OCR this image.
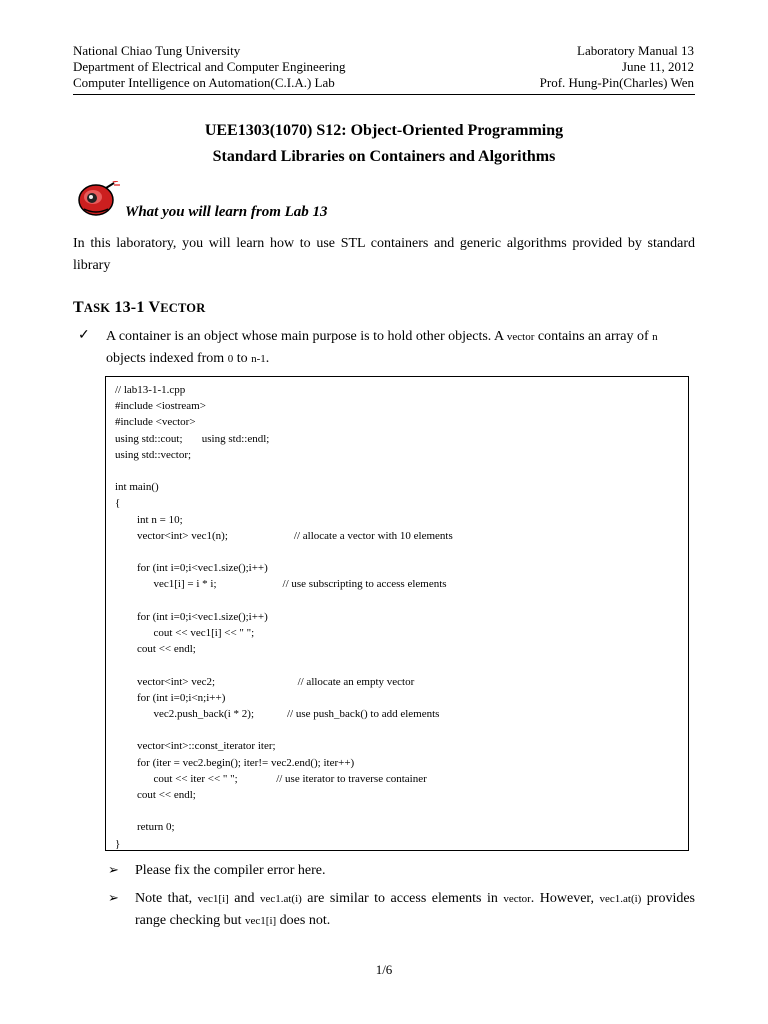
National Chiao Tung University
Department of Electrical and Computer Engineering
Computer Intelligence on Automation(C.I.A.) Lab
Laboratory Manual 13
June 11, 2012
Prof. Hung-Pin(Charles) Wen
UEE1303(1070) S12: Object-Oriented Programming
Standard Libraries on Containers and Algorithms
What you will learn from Lab 13
In this laboratory, you will learn how to use STL containers and generic algorithms provided by standard library
TASK 13-1 VECTOR
✓ A container is an object whose main purpose is to hold other objects. A vector contains an array of n objects indexed from 0 to n-1.
// lab13-1-1.cpp
#include <iostream>
#include <vector>
using std::cout;       using std::endl;
using std::vector;

int main()
{
int n = 10;
vector<int> vec1(n);                        // allocate a vector with 10 elements

for (int i=0;i<vec1.size();i++)
vec1[i] = i * i;                        // use subscripting to access elements

for (int i=0;i<vec1.size();i++)
cout << vec1[i] << " ";
cout << endl;

vector<int> vec2;                              // allocate an empty vector
for (int i=0;i<n;i++)
vec2.push_back(i * 2);            // use push_back() to add elements

vector<int>::const_iterator iter;
for (iter = vec2.begin(); iter!= vec2.end(); iter++)
cout << iter << " ";              // use iterator to traverse container
cout << endl;

return 0;
}
➢ Please fix the compiler error here.
➢ Note that, vec1[i] and vec1.at(i) are similar to access elements in vector. However, vec1.at(i) provides range checking but vec1[i] does not.
1/6
